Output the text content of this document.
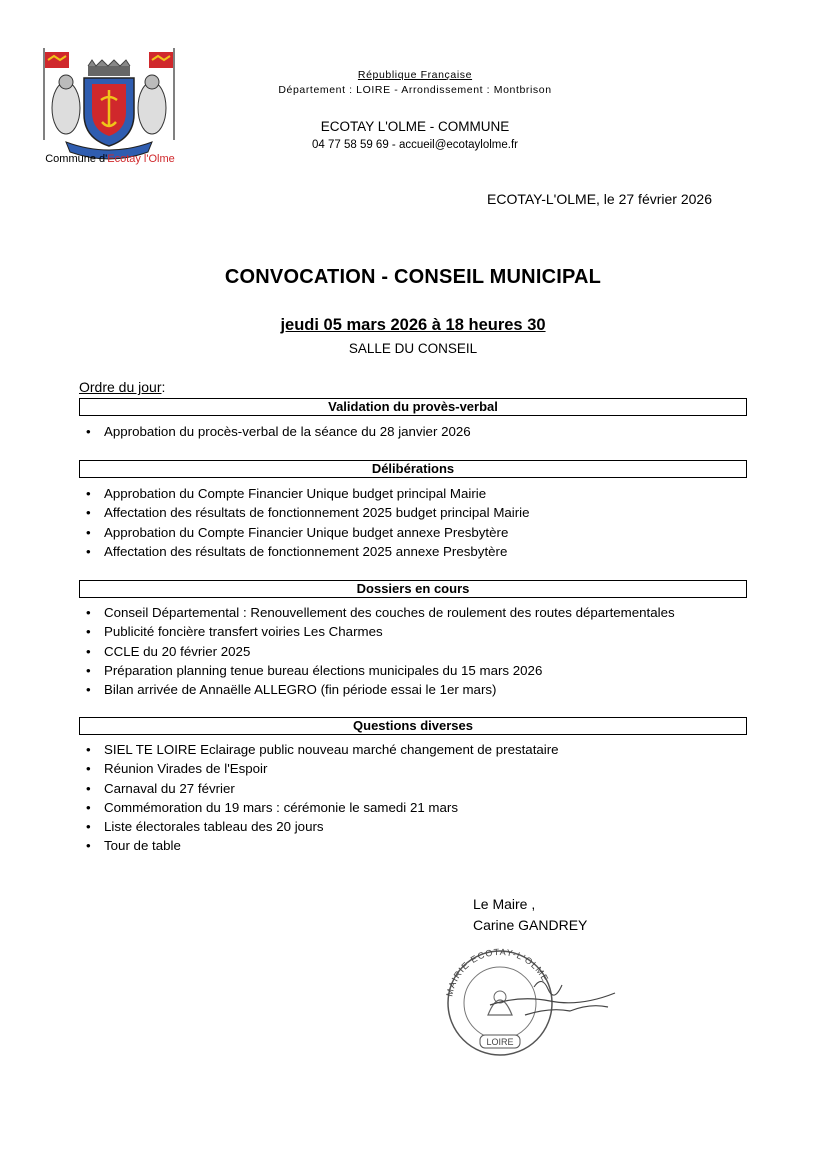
Commune d'Ecotay l'Olme
République Française
Département : LOIRE - Arrondissement : Montbrison
ECOTAY L'OLME - COMMUNE
04 77 58 59 69 - accueil@ecotaylolme.fr
ECOTAY-L'OLME, le 27 février 2026
CONVOCATION - CONSEIL MUNICIPAL
jeudi 05 mars 2026 à 18 heures 30
SALLE DU CONSEIL
Ordre du jour:
Validation du provès-verbal
• Approbation du procès-verbal de la séance du 28 janvier 2026
Délibérations
• Approbation du Compte Financier Unique budget principal Mairie
• Affectation des résultats de fonctionnement 2025 budget principal Mairie
• Approbation du Compte Financier Unique budget annexe Presbytère
• Affectation des résultats de fonctionnement 2025 annexe Presbytère
Dossiers en cours
• Conseil Départemental : Renouvellement des couches de roulement des routes départementales
• Publicité foncière transfert voiries Les Charmes
• CCLE du 20 février 2025
• Préparation planning tenue bureau élections municipales du 15 mars 2026
• Bilan arrivée de Annaëlle ALLEGRO (fin période essai le 1er mars)
Questions diverses
• SIEL TE LOIRE Eclairage public nouveau marché changement de prestataire
• Réunion Virades de l'Espoir
• Carnaval du 27 février
• Commémoration du 19 mars : cérémonie le samedi 21 mars
• Liste électorales tableau des 20 jours
• Tour de table
Le Maire ,
Carine GANDREY
MAIRIE ECOTAY-L'OLME
LOIRE
